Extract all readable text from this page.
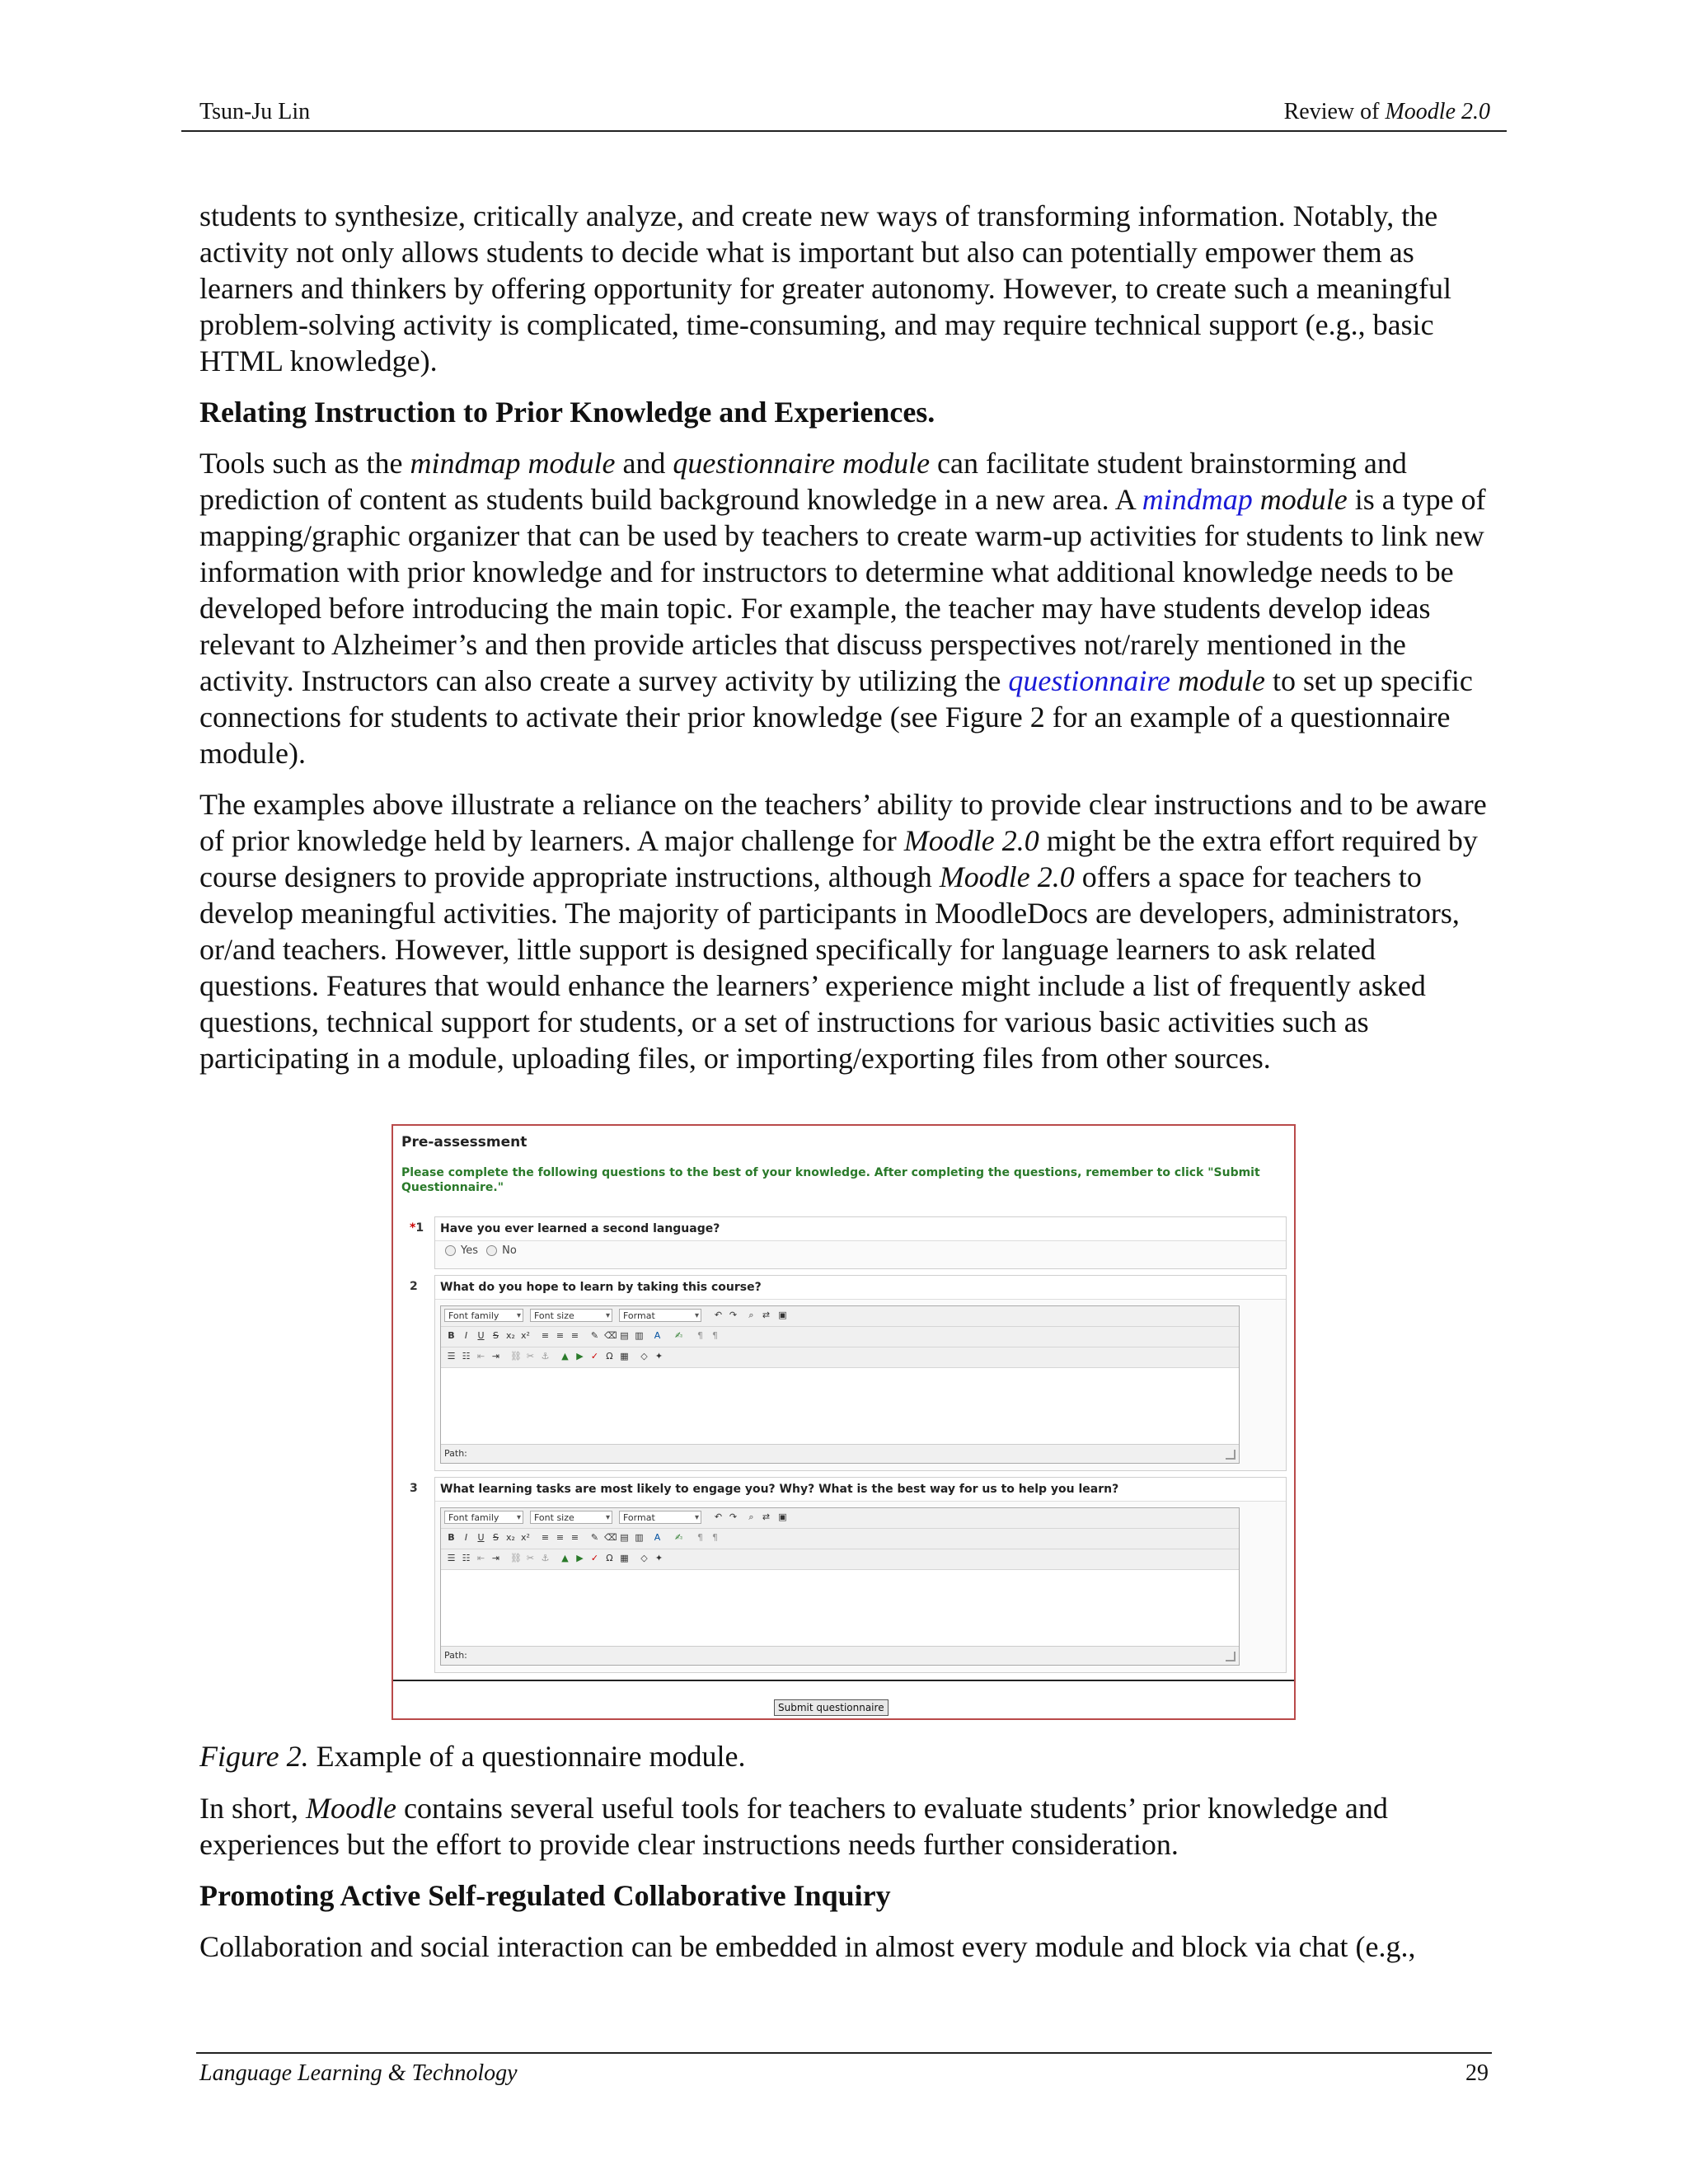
Tsun-Ju Lin	Review of Moodle 2.0

students to synthesize, critically analyze, and create new ways of transforming information. Notably, the activity not only allows students to decide what is important but also can potentially empower them as learners and thinkers by offering opportunity for greater autonomy. However, to create such a meaningful problem-solving activity is complicated, time-consuming, and may require technical support (e.g., basic HTML knowledge).

Relating Instruction to Prior Knowledge and Experiences.

Tools such as the mindmap module and questionnaire module can facilitate student brainstorming and prediction of content as students build background knowledge in a new area. A mindmap module is a type of mapping/graphic organizer that can be used by teachers to create warm-up activities for students to link new information with prior knowledge and for instructors to determine what additional knowledge needs to be developed before introducing the main topic. For example, the teacher may have students develop ideas relevant to Alzheimer’s and then provide articles that discuss perspectives not/rarely mentioned in the activity. Instructors can also create a survey activity by utilizing the questionnaire module to set up specific connections for students to activate their prior knowledge (see Figure 2 for an example of a questionnaire module).

The examples above illustrate a reliance on the teachers’ ability to provide clear instructions and to be aware of prior knowledge held by learners. A major challenge for Moodle 2.0 might be the extra effort required by course designers to provide appropriate instructions, although Moodle 2.0 offers a space for teachers to develop meaningful activities. The majority of participants in MoodleDocs are developers, administrators, or/and teachers. However, little support is designed specifically for language learners to ask related questions. Features that would enhance the learners’ experience might include a list of frequently asked questions, technical support for students, or a set of instructions for various basic activities such as participating in a module, uploading files, or importing/exporting files from other sources.

Pre-assessment
Please complete the following questions to the best of your knowledge. After completing the questions, remember to click "Submit Questionnaire."
*1	Have you ever learned a second language?
Yes No
2	What do you hope to learn by taking this course?
Font family ▾	Font size ▾	Format ▾	↶ ↷	⌕ ⇄ ▣
B	I	U S x₂ x² ≡ ≡ ≡ ✎ ⌫ ▤ ▥ A ✍ ¶ ¶
☰ ☷ ⇤ ⇥ ⛓ ✂ ⚓ ▲ ▶ ✓ Ω ▦ ◇ ✦
Path:
3	What learning tasks are most likely to engage you? Why? What is the best way for us to help you learn?
Font family ▾	Font size ▾	Format ▾	↶ ↷	⌕ ⇄ ▣
B	I	U S x₂ x² ≡ ≡ ≡ ✎ ⌫ ▤ ▥ A ✍ ¶ ¶
☰ ☷ ⇤ ⇥ ⛓ ✂ ⚓ ▲ ▶ ✓ Ω ▦ ◇ ✦
Path:
Submit questionnaire
Figure 2. Example of a questionnaire module.

In short, Moodle contains several useful tools for teachers to evaluate students’ prior knowledge and experiences but the effort to provide clear instructions needs further consideration.

Promoting Active Self-regulated Collaborative Inquiry

Collaboration and social interaction can be embedded in almost every module and block via chat (e.g.,

Language Learning & Technology	29
